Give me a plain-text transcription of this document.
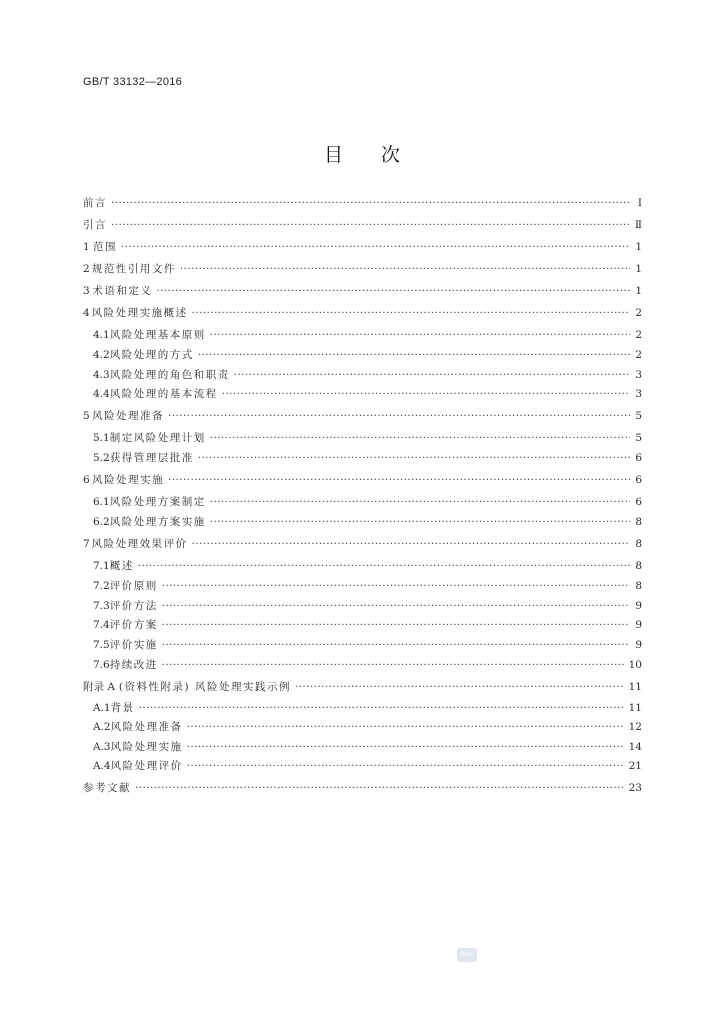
GB/T 33132—2016
目次
前言 ·····	Ⅰ
引言 ·····	Ⅱ
1 范围 ·····	1
2 规范性引用文件 ·····	1
3 术语和定义 ·····	1
4 风险处理实施概述 ·····	2
4.1 风险处理基本原则 ·····	2
4.2 风险处理的方式 ·····	2
4.3 风险处理的角色和职责 ·····	3
4.4 风险处理的基本流程 ·····	3
5 风险处理准备 ·····	5
5.1 制定风险处理计划 ·····	5
5.2 获得管理层批准 ·····	6
6 风险处理实施 ·····	6
6.1 风险处理方案制定 ·····	6
6.2 风险处理方案实施 ·····	8
7 风险处理效果评价 ·····	8
7.1 概述 ·····	8
7.2 评价原则 ·····	8
7.3 评价方法 ·····	9
7.4 评价方案 ·····	9
7.5 评价实施 ·····	9
7.6 持续改进 ·····	10
附录 A (资料性附录) 风险处理实践示例 ·····	11
A.1 背景 ·····	11
A.2 风险处理准备 ·····	12
A.3 风险处理实施 ·····	14
A.4 风险处理评价 ·····	21
参考文献 ·····	23
SAC
